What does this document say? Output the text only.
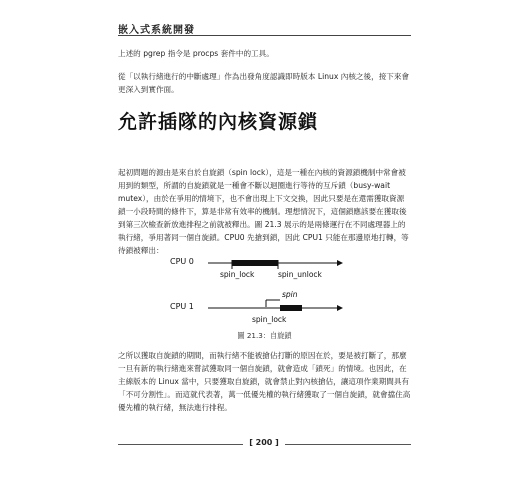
嵌入式系統開發

上述的 pgrep 指令是 procps 套件中的工具。

從「以執行緒進行的中斷處理」作為出發角度認識即時版本 Linux 內核之後，接下來會更深入到實作面。

允許插隊的內核資源鎖

起初問題的源由是來自於自旋鎖（spin lock），這是一種在內核的資源鎖機制中常會被用到的類型，所謂的自旋鎖就是一種會不斷以迴圈進行等待的互斥鎖（busy-wait mutex），由於在爭用的情境下，也不會出現上下文交換，因此只要是在還需獲取資源鎖一小段時間的條件下，算是非常有效率的機制。理想情況下，這個鎖應該要在獲取後到第三次檢查新放進排程之前就被釋出。圖 21.3 展示的是兩條運行在不同處理器上的執行緒，爭用著同一個自旋鎖。CPU0 先搶到鎖，因此 CPU1 只能在那邊原地打轉，等待鎖被釋出：

CPU 0
spin_lock	spin_unlock
spin
CPU 1
spin_lock
圖 21.3：自旋鎖

之所以獲取自旋鎖的期間，而執行緒不能被搶佔打斷的原因在於，要是被打斷了，那麼一旦有新的執行緒進來嘗試獲取同一個自旋鎖，就會造成「鎖死」的情境。也因此，在主線版本的 Linux 當中，只要獲取自旋鎖，就會禁止對內核搶佔，讓這項作業期間具有「不可分割性」。而這就代表著，萬一低優先權的執行緒獲取了一個自旋鎖，就會擋住高優先權的執行緒，無法進行排程。

[ 200 ]
